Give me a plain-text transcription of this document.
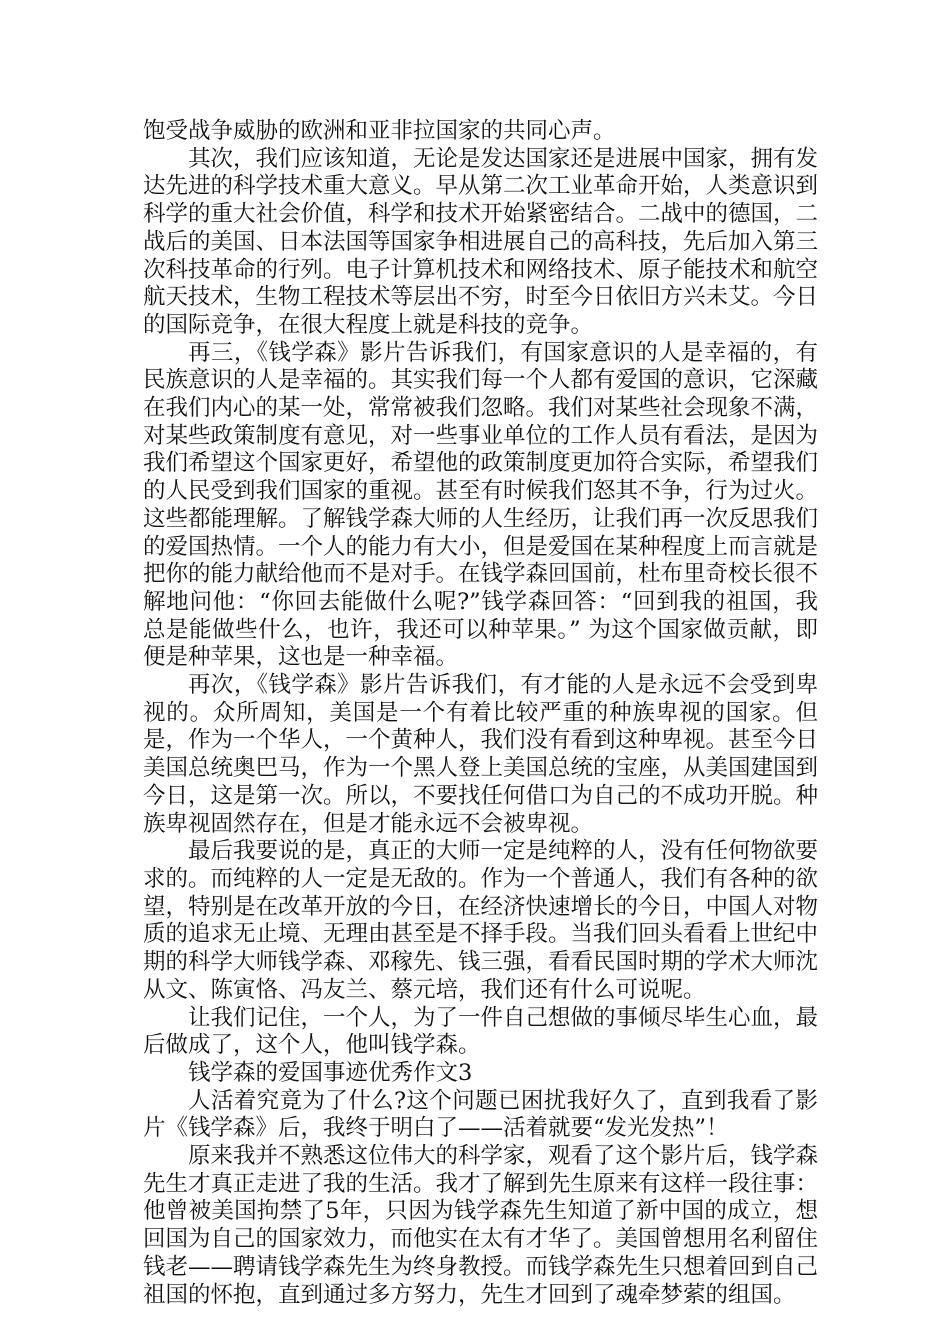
饱受战争威胁的欧洲和亚非拉国家的共同心声。

其次，我们应该知道，无论是发达国家还是进展中国家，拥有发达先进的科学技术重大意义。早从第二次工业革命开始，人类意识到科学的重大社会价值，科学和技术开始紧密结合。二战中的德国，二战后的美国、日本法国等国家争相进展自己的高科技，先后加入第三次科技革命的行列。电子计算机技术和网络技术、原子能技术和航空航天技术，生物工程技术等层出不穷，时至今日依旧方兴未艾。今日的国际竞争，在很大程度上就是科技的竞争。

再三，《钱学森》影片告诉我们，有国家意识的人是幸福的，有民族意识的人是幸福的。其实我们每一个人都有爱国的意识，它深藏在我们内心的某一处，常常被我们忽略。我们对某些社会现象不满，对某些政策制度有意见，对一些事业单位的工作人员有看法，是因为我们希望这个国家更好，希望他的政策制度更加符合实际，希望我们的人民受到我们国家的重视。甚至有时候我们怒其不争，行为过火。这些都能理解。了解钱学森大师的人生经历，让我们再一次反思我们的爱国热情。一个人的能力有大小，但是爱国在某种程度上而言就是把你的能力献给他而不是对手。在钱学森回国前，杜布里奇校长很不解地问他：“你回去能做什么呢?”钱学森回答：“回到我的祖国，我总是能做些什么，也许，我还可以种苹果。” 为这个国家做贡献，即便是种苹果，这也是一种幸福。

再次，《钱学森》影片告诉我们，有才能的人是永远不会受到卑视的。众所周知，美国是一个有着比较严重的种族卑视的国家。但是，作为一个华人，一个黄种人，我们没有看到这种卑视。甚至今日美国总统奥巴马，作为一个黑人登上美国总统的宝座，从美国建国到今日，这是第一次。所以，不要找任何借口为自己的不成功开脱。种族卑视固然存在，但是才能永远不会被卑视。

最后我要说的是，真正的大师一定是纯粹的人，没有任何物欲要求的。而纯粹的人一定是无敌的。作为一个普通人，我们有各种的欲望，特别是在改革开放的今日，在经济快速增长的今日，中国人对物质的追求无止境、无理由甚至是不择手段。当我们回头看看上世纪中期的科学大师钱学森、邓稼先、钱三强，看看民国时期的学术大师沈从文、陈寅恪、冯友兰、蔡元培，我们还有什么可说呢。

让我们记住，一个人，为了一件自己想做的事倾尽毕生心血，最后做成了，这个人，他叫钱学森。

钱学森的爱国事迹优秀作文3

人活着究竟为了什么?这个问题已困扰我好久了，直到我看了影片《钱学森》后，我终于明白了——活着就要“发光发热”！

原来我并不熟悉这位伟大的科学家，观看了这个影片后，钱学森先生才真正走进了我的生活。我才了解到先生原来有这样一段往事：他曾被美国拘禁了5年，只因为钱学森先生知道了新中国的成立，想回国为自己的国家效力，而他实在太有才华了。美国曾想用名利留住钱老——聘请钱学森先生为终身教授。而钱学森先生只想着回到自己祖国的怀抱，直到通过多方努力，先生才回到了魂牵梦萦的组国。
